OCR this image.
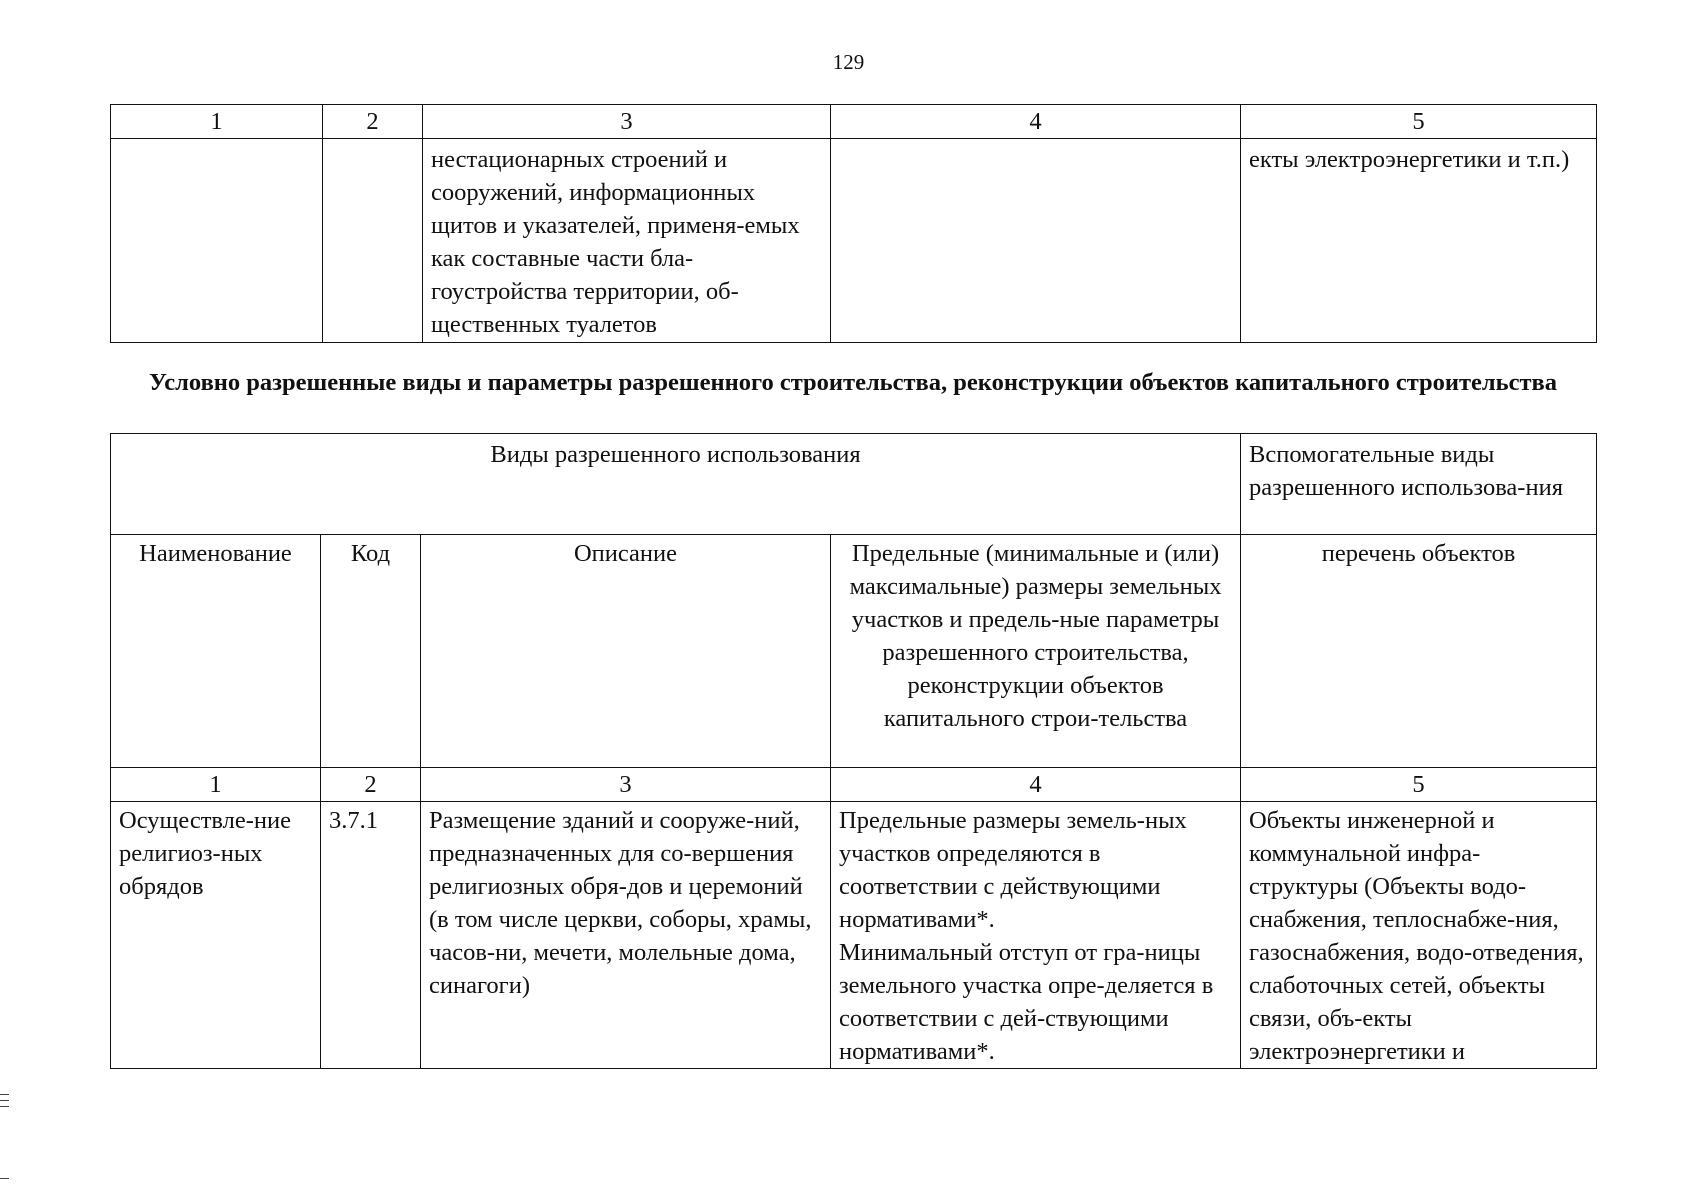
129
1	2	3	4	5
		нестационарных строений и сооружений, информационных щитов и указателей, применя-емых как составные части бла-гоустройства территории, об-щественных туалетов		екты электроэнергетики и т.п.)
Условно разрешенные виды и параметры разрешенного строительства, реконструкции объектов капитального строительства
Виды разрешенного использования				Вспомогательные виды разрешенного использова-ния
Наименование	Код	Описание	Предельные (минимальные и (или) максимальные) размеры земельных участков и предель-ные параметры разрешенного строительства, реконструкции объектов капитального строи-тельства	перечень объектов
1	2	3	4	5
Осуществле-ние религиоз-ных обрядов	3.7.1	Размещение зданий и сооруже-ний, предназначенных для со-вершения религиозных обря-дов и церемоний (в том числе церкви, соборы, храмы, часов-ни, мечети, молельные дома, синагоги)	Предельные размеры земель-ных участков определяются в соответствии с действующими нормативами*.
Минимальный отступ от гра-ницы земельного участка опре-деляется в соответствии с дей-ствующими нормативами*.	Объекты инженерной и коммунальной инфра-структуры (Объекты водо-снабжения, теплоснабже-ния, газоснабжения, водо-отведения, слаботочных сетей, объекты связи, объ-екты электроэнергетики и
